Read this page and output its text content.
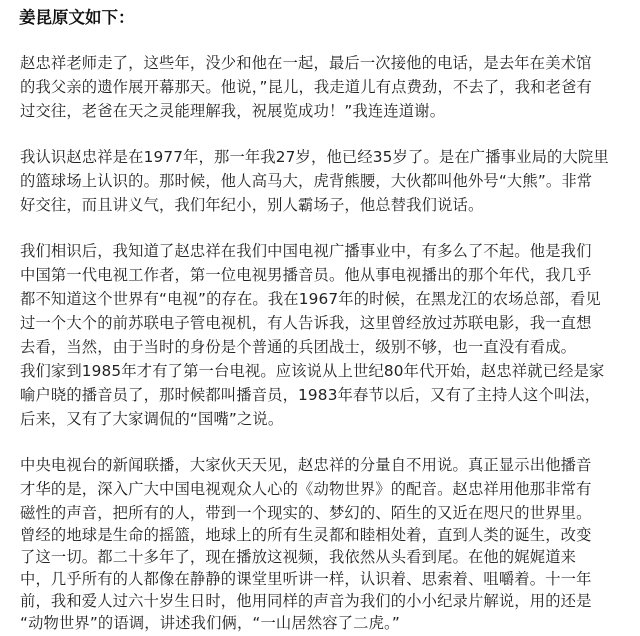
姜昆原文如下：
赵忠祥老师走了，这些年，没少和他在一起，最后一次接他的电话，是去年在美术馆
的我父亲的遗作展开幕那天。他说，”昆儿，我走道儿有点费劲，不去了，我和老爸有
过交往，老爸在天之灵能理解我，祝展览成功！”我连连道谢。
我认识赵忠祥是在1977年，那一年我27岁，他已经35岁了。是在广播事业局的大院里
的篮球场上认识的。那时候，他人高马大，虎背熊腰，大伙都叫他外号“大熊”。非常
好交往，而且讲义气，我们年纪小，别人霸场子，他总替我们说话。
我们相识后，我知道了赵忠祥在我们中国电视广播事业中，有多么了不起。他是我们
中国第一代电视工作者，第一位电视男播音员。他从事电视播出的那个年代，我几乎
都不知道这个世界有“电视”的存在。我在1967年的时候，在黑龙江的农场总部，看见
过一个大个的前苏联电子管电视机，有人告诉我，这里曾经放过苏联电影，我一直想
去看，当然，由于当时的身份是个普通的兵团战士，级别不够，也一直没有看成。
我们家到1985年才有了第一台电视。应该说从上世纪80年代开始，赵忠祥就已经是家
喻户晓的播音员了，那时候都叫播音员，1983年春节以后，又有了主持人这个叫法，
后来，又有了大家调侃的“国嘴”之说。
中央电视台的新闻联播，大家伙天天见，赵忠祥的分量自不用说。真正显示出他播音
才华的是，深入广大中国电视观众人心的《动物世界》的配音。赵忠祥用他那非常有
磁性的声音，把所有的人，带到一个现实的、梦幻的、陌生的又近在咫尺的世界里。
曾经的地球是生命的摇篮，地球上的所有生灵都和睦相处着，直到人类的诞生，改变
了这一切。都二十多年了，现在播放这视频，我依然从头看到尾。在他的娓娓道来
中，几乎所有的人都像在静静的课堂里听讲一样，认识着、思索着、咀嚼着。十一年
前，我和爱人过六十岁生日时，他用同样的声音为我们的小小纪录片解说，用的还是
“动物世界”的语调，讲述我们俩，“一山居然容了二虎。”
